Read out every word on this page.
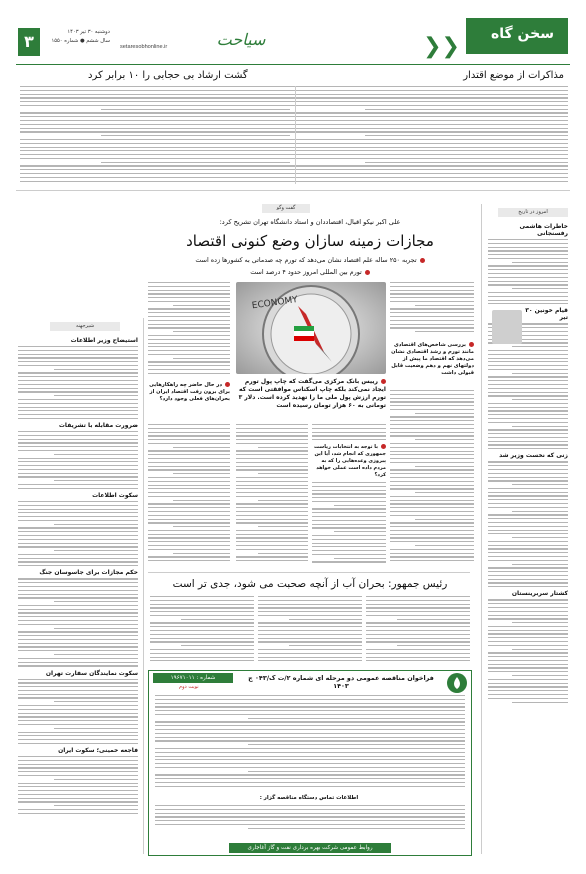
سخن گاه
❮❮
سیاحت
setaresobhonline.ir
دوشنبه ۳۰ تیر ۱۴۰۳
سال ششم ● شماره ۱۵۵۰
۳
مذاکرات از موضع اقتدار
گشت ارشاد بی حجابی را ۱۰ برابر کرد
امروز در تاریخ
خاطرات هاشمی رفسنجانی
قیام خونین ۳۰ تیر
زنی که نخست وزیر شد
کشتار سربرینستان
گفت وگو
علی اکبر نیکو اقبال، اقتصاددان و استاد دانشگاه تهران تشریح کرد:
مجازات زمینه سازان وضع کنونی اقتصاد
تجربه ۲۵۰ ساله علم اقتصاد نشان می‌دهد که تورم چه صدماتی به کشورها زده است
تورم بین المللی امروز حدود ۴ درصد است
ECONOMY
بررسی شاخص‌های اقتصادی مانند تورم و رشد اقتصادی نشان می‌دهد که اقتصاد ما پیش از دولتهای نهم و دهم وضعیت قابل قبولی داشت
در حال حاضر چه راهکارهایی برای برون رفت اقتصاد ایران از بحران‌های فعلی وجود دارد؟
رییس بانک مرکزی می‌گفت که چاپ پول تورم ایجاد نمی‌کند بلکه چاپ اسکناس موافقتی است که تورم ارزش پول ملی ما را تهدید کرده است. دلار ۳ تومانی به ۶۰ هزار تومان رسیده است
با توجه به انتخابات ریاست جمهوری که انجام شد، آیا این پیروزی وعده‌هایی را که به مردم داده است عملی خواهد کرد؟
شیرجهنه
استیضاح وزیر اطلاعات
ضرورت مقابله با تشریفات
سکوت اطلاعات
حکم مجازات برای جاسوسان جنگ
سکوت نمایندگان سفارت تهران
فاجعه خمینی؛ سکوت ایران
رئیس جمهور: بحران آب از آنچه صحبت می شود، جدی تر است
شماره : ۱۹۶۷۱۰۱۱
نوبت دوم
فراخوان مناقصه عمومی دو مرحله ای شماره ۲/ت ک/۰۴۳ ج ۱۴۰۳
اطلاعات تماس دستگاه مناقصه گزار :
روابط عمومی شرکت بهره برداری نفت و گاز آغاجاری
